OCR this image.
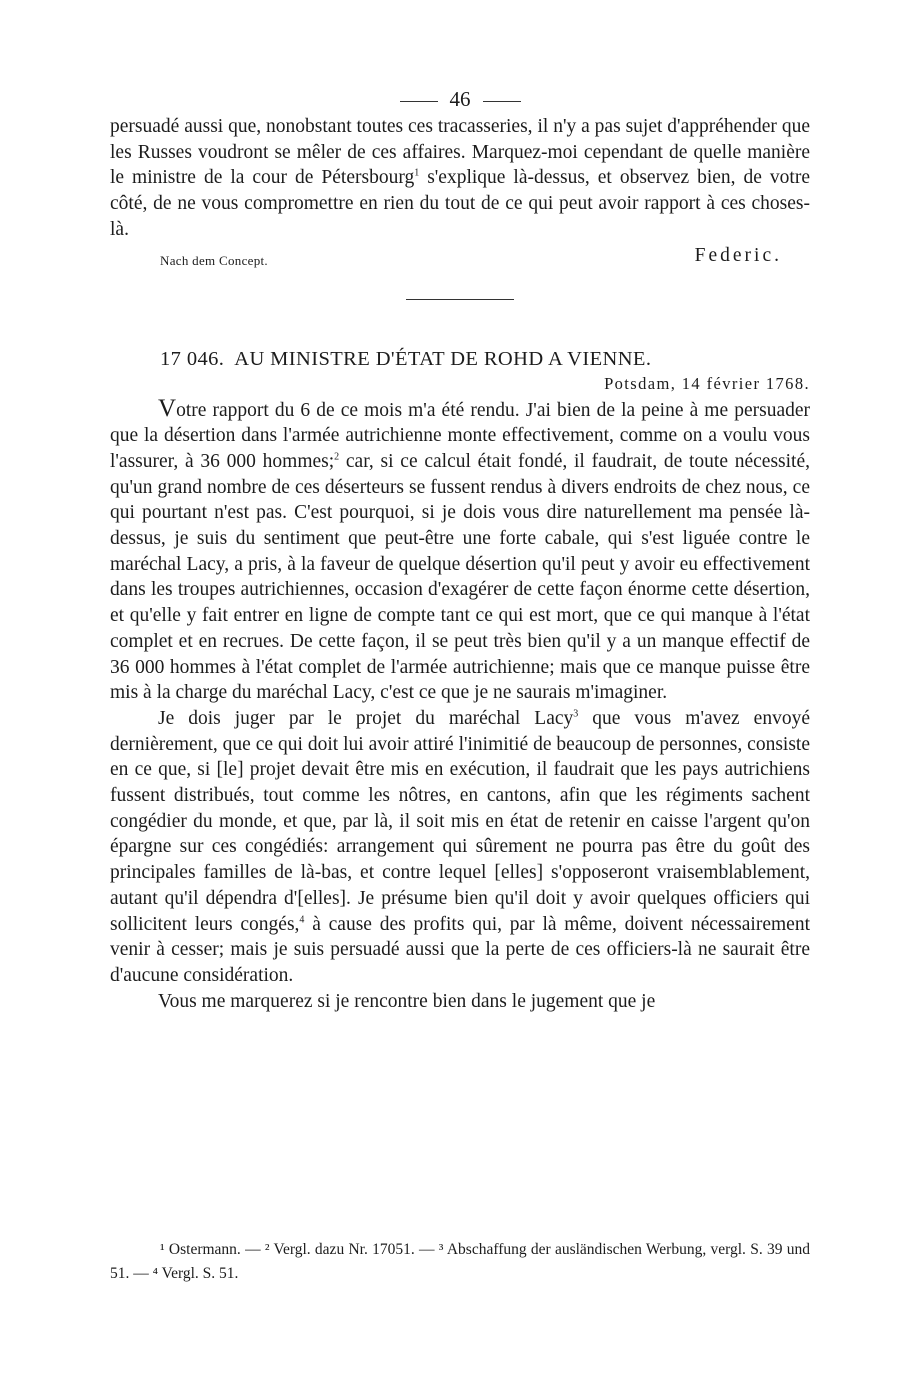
46

persuadé aussi que, nonobstant toutes ces tracasseries, il n'y a pas sujet d'appréhender que les Russes voudront se mêler de ces affaires. Marquez-moi cependant de quelle manière le ministre de la cour de Pétersbourg$^1$ s'explique là-dessus, et observez bien, de votre côté, de ne vous compromettre en rien du tout de ce qui peut avoir rapport à ces choses-là.

Nach dem Concept.	Federic.
17 046. AU MINISTRE D'ÉTAT DE ROHD A VIENNE.
Potsdam, 14 février 1768.

Votre rapport du 6 de ce mois m'a été rendu. J'ai bien de la peine à me persuader que la désertion dans l'armée autrichienne monte effectivement, comme on a voulu vous l'assurer, à 36 000 hommes;$^2$ car, si ce calcul était fondé, il faudrait, de toute nécessité, qu'un grand nombre de ces déserteurs se fussent rendus à divers endroits de chez nous, ce qui pourtant n'est pas. C'est pourquoi, si je dois vous dire naturellement ma pensée là-dessus, je suis du sentiment que peut-être une forte cabale, qui s'est liguée contre le maréchal Lacy, a pris, à la faveur de quelque désertion qu'il peut y avoir eu effectivement dans les troupes autrichiennes, occasion d'exagérer de cette façon énorme cette désertion, et qu'elle y fait entrer en ligne de compte tant ce qui est mort, que ce qui manque à l'état complet et en recrues. De cette façon, il se peut très bien qu'il y a un manque effectif de 36 000 hommes à l'état complet de l'armée autrichienne; mais que ce manque puisse être mis à la charge du maréchal Lacy, c'est ce que je ne saurais m'imaginer.

Je dois juger par le projet du maréchal Lacy$^3$ que vous m'avez envoyé dernièrement, que ce qui doit lui avoir attiré l'inimitié de beaucoup de personnes, consiste en ce que, si [le] projet devait être mis en exécution, il faudrait que les pays autrichiens fussent distribués, tout comme les nôtres, en cantons, afin que les régiments sachent congédier du monde, et que, par là, il soit mis en état de retenir en caisse l'argent qu'on épargne sur ces congédiés: arrangement qui sûrement ne pourra pas être du goût des principales familles de là-bas, et contre lequel [elles] s'opposeront vraisemblablement, autant qu'il dépendra d'[elles]. Je présume bien qu'il doit y avoir quelques officiers qui sollicitent leurs congés,$^4$ à cause des profits qui, par là même, doivent nécessairement venir à cesser; mais je suis persuadé aussi que la perte de ces officiers-là ne saurait être d'aucune considération.

Vous me marquerez si je rencontre bien dans le jugement que je

¹ Ostermann. — ² Vergl. dazu Nr. 17051. — ³ Abschaffung der ausländischen Werbung, vergl. S. 39 und 51. — ⁴ Vergl. S. 51.
